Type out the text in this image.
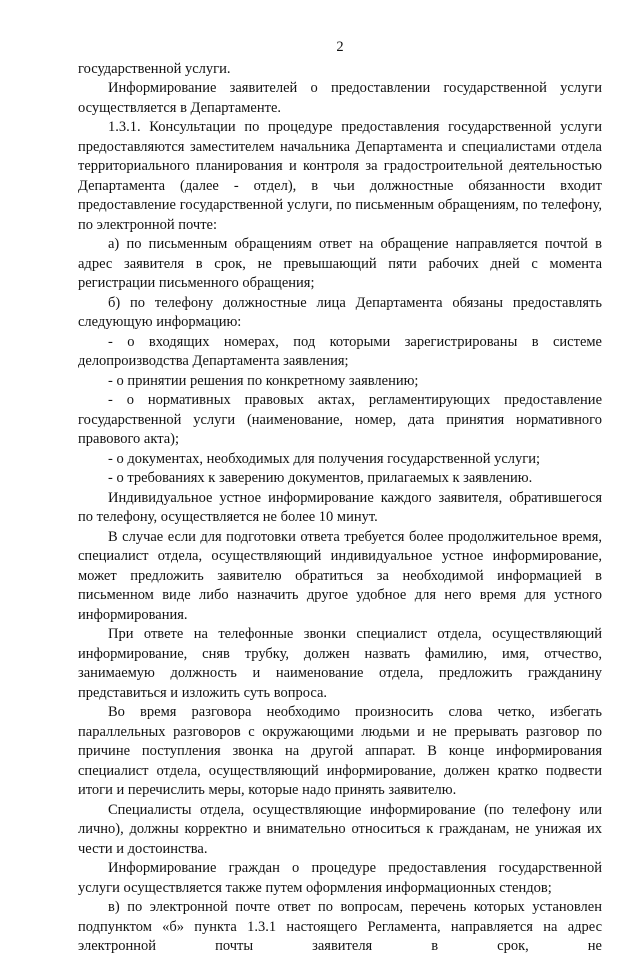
2

государственной услуги.

Информирование заявителей о предоставлении государственной услуги осуществляется в Департаменте.

1.3.1. Консультации по процедуре предоставления государственной услуги предоставляются заместителем начальника Департамента и специалистами отдела территориального планирования и контроля за градостроительной деятельностью Департамента (далее - отдел), в чьи должностные обязанности входит предоставление государственной услуги, по письменным обращениям, по телефону, по электронной почте:

а) по письменным обращениям ответ на обращение направляется почтой в адрес заявителя в срок, не превышающий пяти рабочих дней с момента регистрации письменного обращения;

б) по телефону должностные лица Департамента обязаны предоставлять следующую информацию:

- о входящих номерах, под которыми зарегистрированы в системе делопроизводства Департамента заявления;

- о принятии решения по конкретному заявлению;

- о нормативных правовых актах, регламентирующих предоставление государственной услуги (наименование, номер, дата принятия нормативного правового акта);

- о документах, необходимых для получения государственной услуги;

- о требованиях к заверению документов, прилагаемых к заявлению.

Индивидуальное устное информирование каждого заявителя, обратившегося по телефону, осуществляется не более 10 минут.

В случае если для подготовки ответа требуется более продолжительное время, специалист отдела, осуществляющий индивидуальное устное информирование, может предложить заявителю обратиться за необходимой информацией в письменном виде либо назначить другое удобное для него время для устного информирования.

При ответе на телефонные звонки специалист отдела, осуществляющий информирование, сняв трубку, должен назвать фамилию, имя, отчество, занимаемую должность и наименование отдела, предложить гражданину представиться и изложить суть вопроса.

Во время разговора необходимо произносить слова четко, избегать параллельных разговоров с окружающими людьми и не прерывать разговор по причине поступления звонка на другой аппарат. В конце информирования специалист отдела, осуществляющий информирование, должен кратко подвести итоги и перечислить меры, которые надо принять заявителю.

Специалисты отдела, осуществляющие информирование (по телефону или лично), должны корректно и внимательно относиться к гражданам, не унижая их чести и достоинства.

Информирование граждан о процедуре предоставления государственной услуги осуществляется также путем оформления информационных стендов;

в) по электронной почте ответ по вопросам, перечень которых установлен подпунктом «б» пункта 1.3.1 настоящего Регламента, направляется на адрес электронной почты заявителя в срок, не
